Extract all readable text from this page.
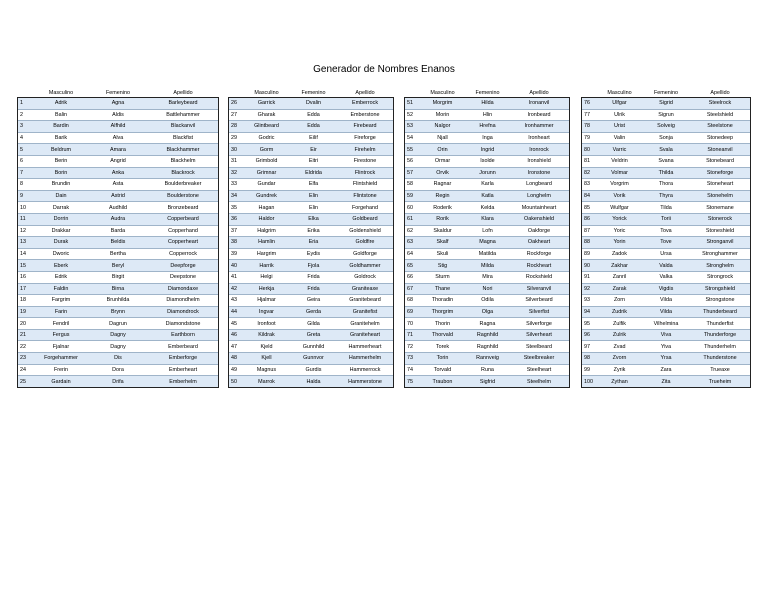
Generador de Nombres Enanos
	Masculino	Femenino	Apellido
1	Adrik	Agna	Barleybeard
2	Balin	Aldis	Battlehammer
3	Bardin	Alfhild	Blackanvil
4	Barik	Alva	Blackfist
5	Beldrum	Amara	Blackhammer
6	Berin	Angrid	Blackhelm
7	Borin	Anka	Blackrock
8	Brundin	Asta	Boulderbreaker
9	Dain	Astrid	Boulderstone
10	Darrak	Audhild	Bronzebeard
11	Dorrin	Audra	Copperbeard
12	Drakkar	Barda	Copperhand
13	Durak	Beldis	Copperheart
14	Dworic	Bertha	Copperrock
15	Eberk	Beryl	Deepforge
16	Edrik	Birgit	Deepstone
17	Faldin	Birna	Diamondaxe
18	Fargrim	Brunhilda	Diamondhelm
19	Farin	Brynn	Diamondrock
20	Fendril	Dagrun	Diamondstone
21	Fergus	Dagny	Earthborn
22	Fjalnar	Dagny	Emberbeard
23	Forgehammer	Dis	Emberforge
24	Frerin	Dora	Emberheart
25	Gardain	Drifa	Emberhelm
	Masculino	Femenino	Apellido
26	Garrick	Dvalin	Emberrock
27	Gharak	Edda	Emberstone
28	Glintbeard	Edda	Firebeard
29	Godric	Eilif	Fireforge
30	Gorm	Eir	Firehelm
31	Grimbold	Eitri	Firestone
32	Grimnar	Eldrida	Flintrock
33	Gundar	Elfa	Flintshield
34	Gundrek	Elin	Flintstone
35	Hagan	Elin	Forgehand
36	Haldor	Elka	Goldbeard
37	Halgrim	Erika	Goldenshield
38	Hamlin	Eria	Goldfire
39	Hargrim	Eydis	Goldforge
40	Harrik	Fjola	Goldhammer
41	Helgi	Frida	Goldrock
42	Herkja	Frida	Graniteaxe
43	Hjalmar	Geira	Granitebeard
44	Ingvar	Gerda	Granitefist
45	Ironfoot	Gilda	Granitehelm
46	Kildrak	Greta	Graniteheart
47	Kjeld	Gunnhild	Hammerheart
48	Kjell	Gunnvor	Hammerhelm
49	Magnus	Gurdis	Hammerrock
50	Marrok	Halda	Hammerstone
	Masculino	Femenino	Apellido
51	Morgrim	Hilda	Ironanvil
52	Morin	Hlin	Ironbeard
53	Nalgor	Hrefna	Ironhammer
54	Njall	Inga	Ironheart
55	Orin	Ingrid	Ironrock
56	Ormar	Isolde	Ironshield
57	Orvik	Jorunn	Ironstone
58	Ragnar	Karla	Longbeard
59	Regin	Katla	Longhelm
60	Roderik	Kelda	Mountainheart
61	Rorik	Klara	Oakenshield
62	Skaldur	Lofn	Oakforge
63	Skalf	Magna	Oakheart
64	Skuli	Matilda	Rockforge
65	Stig	Milda	Rockheart
66	Sturm	Mira	Rockshield
67	Thane	Nori	Silveranvil
68	Thoradin	Odila	Silverbeard
69	Thorgrim	Olga	Silverfist
70	Thorin	Ragna	Silverforge
71	Thorvald	Ragnhild	Silverheart
72	Torek	Ragnhild	Steelbeard
73	Torin	Rannveig	Steelbreaker
74	Torvald	Runa	Steelheart
75	Traubon	Sigfrid	Steelhelm
	Masculino	Femenino	Apellido
76	Ulfgar	Sigrid	Steelrock
77	Ulrik	Sigrun	Steelshield
78	Urist	Solveig	Steelstone
79	Valin	Sonja	Stonedeep
80	Varric	Svala	Stoneanvil
81	Veldrin	Svana	Stonebeard
82	Volmar	Thilda	Stoneforge
83	Vorgrim	Thora	Stoneheart
84	Vorik	Thyra	Stonehelm
85	Wulfgar	Tilda	Stonemane
86	Yorick	Torii	Stonerock
87	Yoric	Tova	Stoneshield
88	Yorin	Tove	Stronganvil
89	Zadok	Ursa	Stronghammer
90	Zakhar	Valda	Stronghelm
91	Zanril	Valka	Strongrock
92	Zarak	Vigdis	Strongshield
93	Zorn	Vilda	Strongstone
94	Zudrik	Vilda	Thunderbeard
95	Zulfik	Vilhelmina	Thunderfist
96	Zulrik	Viva	Thunderforge
97	Zvad	Yiva	Thunderhelm
98	Zvorn	Yrsa	Thunderstone
99	Zyrik	Zara	Trueaxe
100	Zythan	Zita	Trueheim
